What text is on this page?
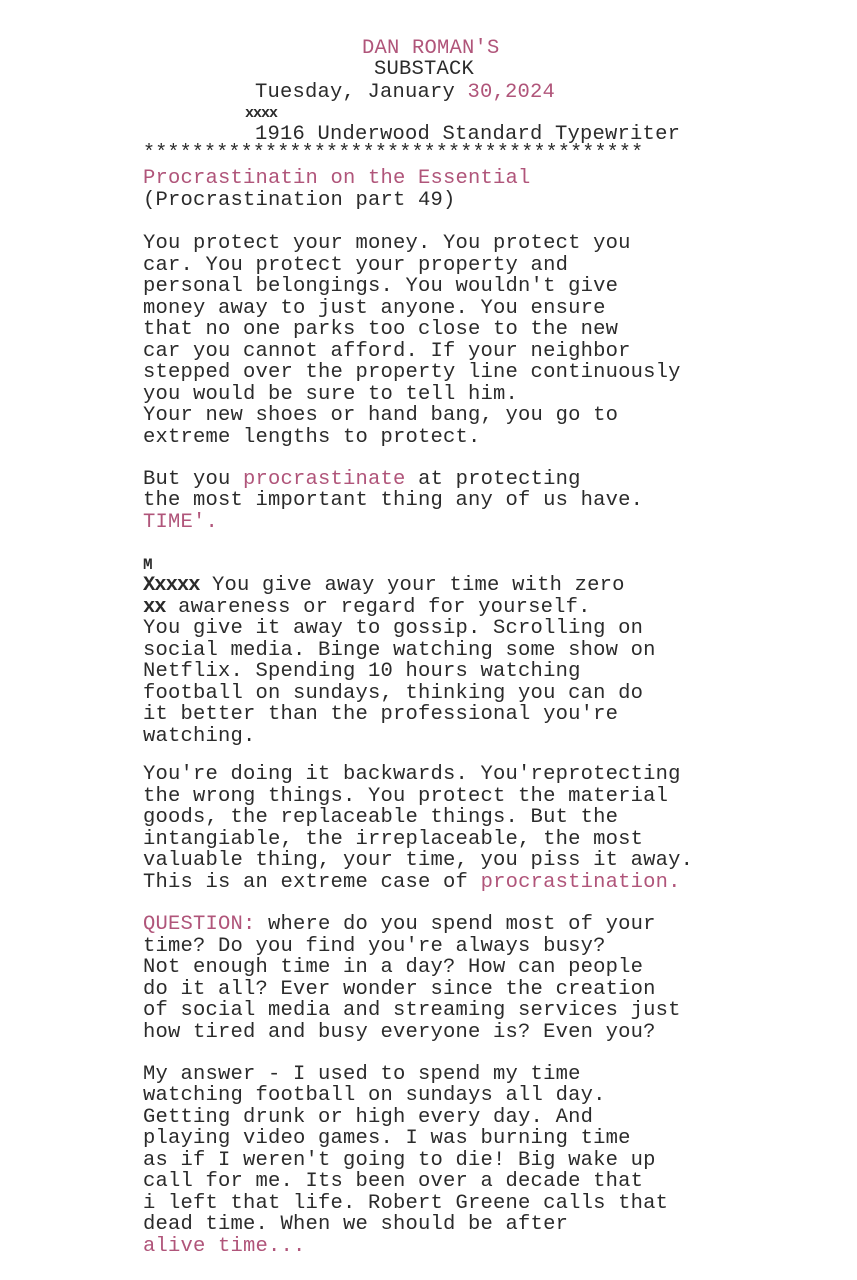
DAN ROMAN'S
SUBSTACK
Tuesday, January 30,2024
xxxx
1916 Underwood Standard Typewriter
*****************************************
Procrastinatin on the Essential
(Procrastination part 49)
You protect your money. You protect you
car. You protect your property and
personal belongings. You wouldn't give
money away to just anyone. You ensure
that no one parks too close to the new
car you cannot afford. If your neighbor
stepped over the property line continuously
you would be sure to tell him.
Your new shoes or hand bang, you go to
extreme lengths to protect.
But you procrastinate at protecting
the most important thing any of us have.
TIME'.
M
Xxxxx You give away your time with zero
xx awareness or regard for yourself.
You give it away to gossip. Scrolling on
social media. Binge watching some show on
Netflix. Spending 10 hours watching
football on sundays, thinking you can do
it better than the professional you're
watching.
You're doing it backwards. You'reprotecting
the wrong things. You protect the material
goods, the replaceable things. But the
intangiable, the irreplaceable, the most
valuable thing, your time, you piss it away.
This is an extreme case of procrastination.
QUESTION: where do you spend most of your
time? Do you find you're always busy?
Not enough time in a day? How can people
do it all? Ever wonder since the creation
of social media and streaming services just
how tired and busy everyone is? Even you?
My answer - I used to spend my time
watching football on sundays all day.
Getting drunk or high every day. And
playing video games. I was burning time
as if I weren't going to die! Big wake up
call for me. Its been over a decade that
i left that life. Robert Greene calls that
dead time. When we should be after
alive time...
